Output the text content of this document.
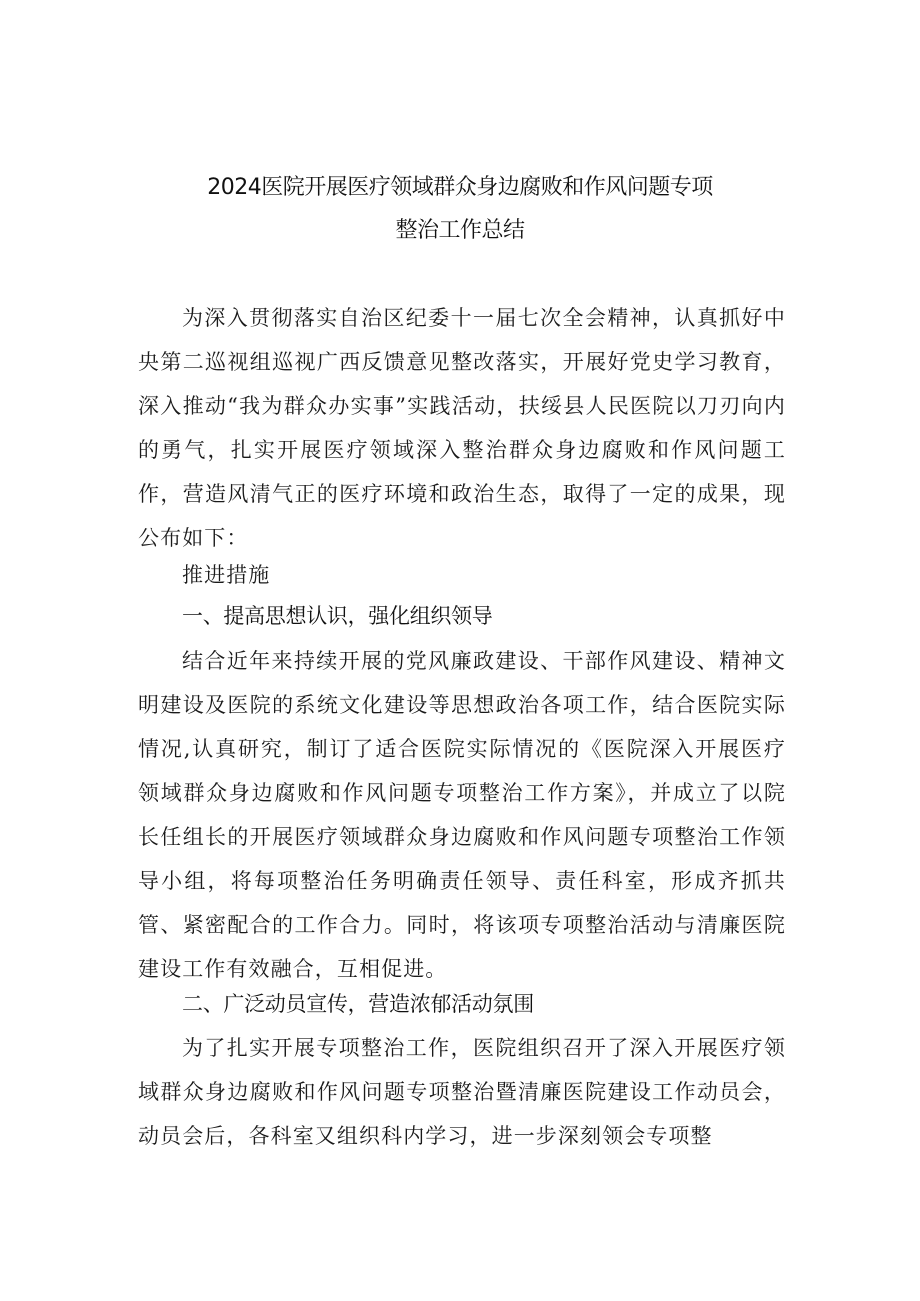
2024医院开展医疗领域群众身边腐败和作风问题专项
整治工作总结

为深入贯彻落实自治区纪委十一届七次全会精神，认真抓好中央第二巡视组巡视广西反馈意见整改落实，开展好党史学习教育，深入推动“我为群众办实事”实践活动，扶绥县人民医院以刀刃向内的勇气，扎实开展医疗领域深入整治群众身边腐败和作风问题工作，营造风清气正的医疗环境和政治生态，取得了一定的成果，现公布如下：

推进措施

一、提高思想认识，强化组织领导

结合近年来持续开展的党风廉政建设、干部作风建设、精神文明建设及医院的系统文化建设等思想政治各项工作，结合医院实际情况,认真研究，制订了适合医院实际情况的《医院深入开展医疗领域群众身边腐败和作风问题专项整治工作方案》，并成立了以院长任组长的开展医疗领域群众身边腐败和作风问题专项整治工作领导小组，将每项整治任务明确责任领导、责任科室，形成齐抓共管、紧密配合的工作合力。同时，将该项专项整治活动与清廉医院建设工作有效融合，互相促进。

二、广泛动员宣传，营造浓郁活动氛围

为了扎实开展专项整治工作，医院组织召开了深入开展医疗领域群众身边腐败和作风问题专项整治暨清廉医院建设工作动员会，动员会后，各科室又组织科内学习，进一步深刻领会专项整
